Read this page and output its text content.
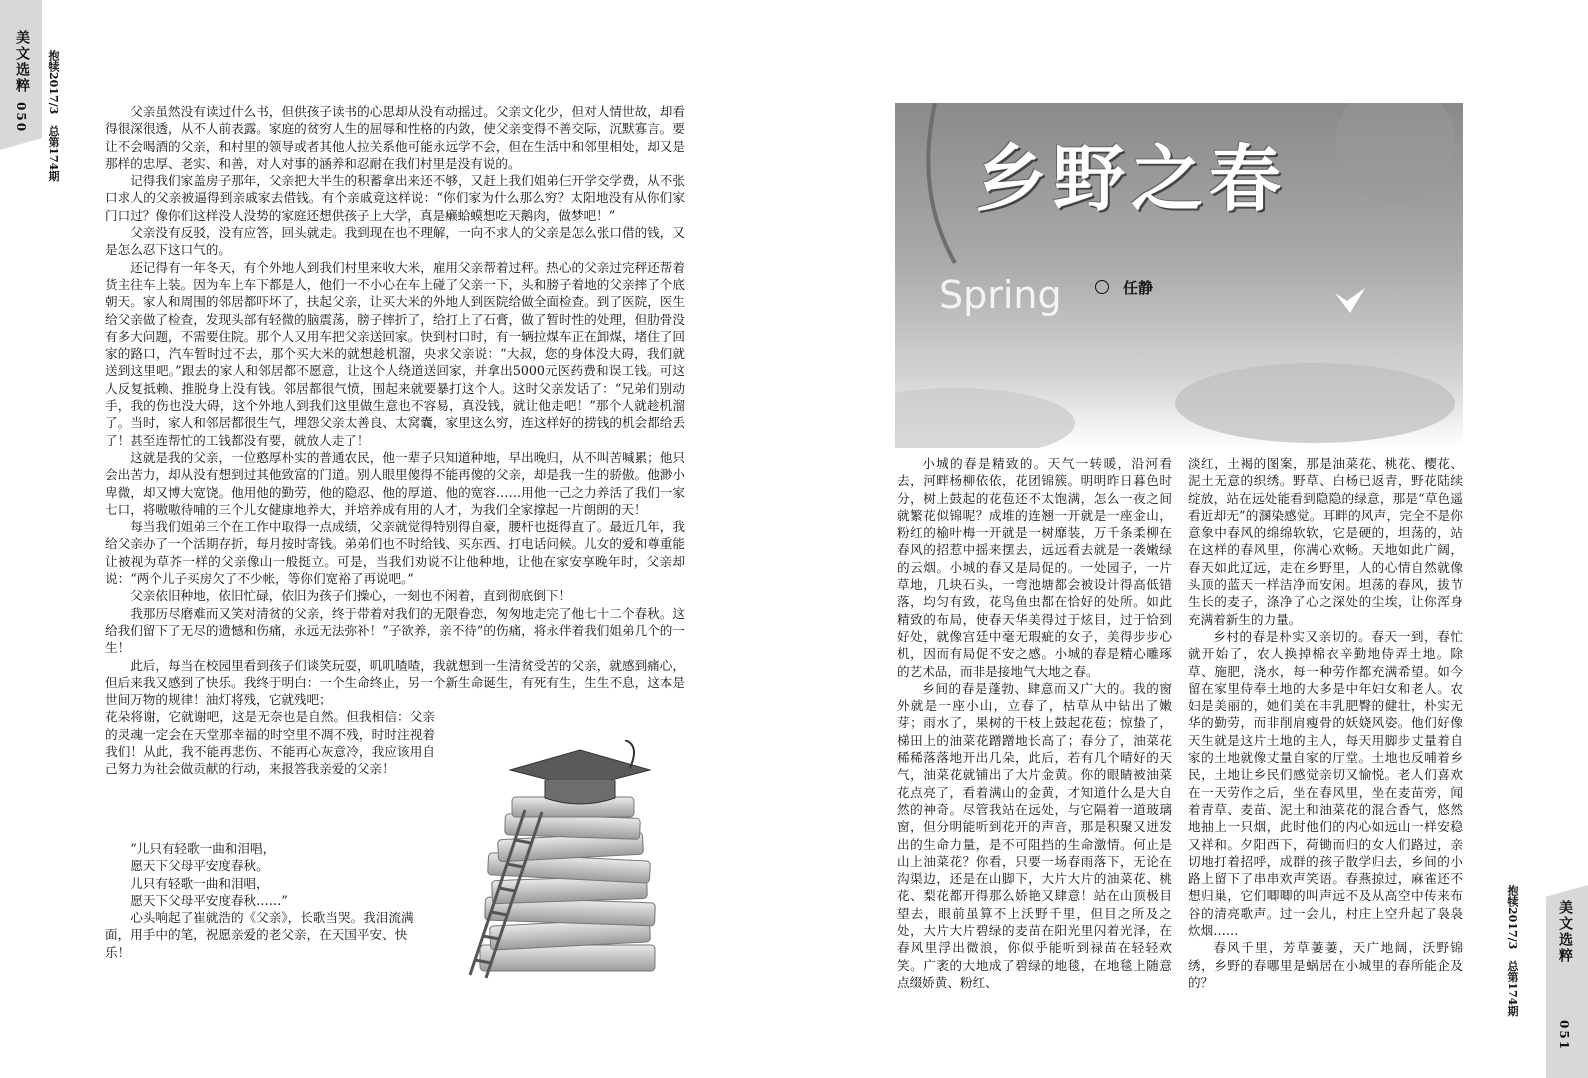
美文选粹
050 抱犊2017/3　总第174期	父亲虽然没有读过什么书，但供孩子读书的心思却从没有动摇过。父亲文化少，但对人情世故，却看得很深很透，从不人前表露。家庭的贫穷人生的屈辱和性格的内敛，使父亲变得不善交际，沉默寡言。要让不会喝酒的父亲，和村里的领导或者其他人拉关系他可能永远学不会，但在生活中和邻里相处，却又是那样的忠厚、老实、和善，对人对事的涵养和忍耐在我们村里是没有说的。

记得我们家盖房子那年，父亲把大半生的积蓄拿出来还不够，又赶上我们姐弟仨开学交学费，从不张口求人的父亲被逼得到亲戚家去借钱。有个亲戚竟这样说：“你们家为什么那么穷？太阳地没有从你们家门口过？像你们这样没人没势的家庭还想供孩子上大学，真是癞蛤蟆想吃天鹅肉，做梦吧！”

父亲没有反驳，没有应答，回头就走。我到现在也不理解，一向不求人的父亲是怎么张口借的钱，又是怎么忍下这口气的。

还记得有一年冬天，有个外地人到我们村里来收大米，雇用父亲帮着过秤。热心的父亲过完秤还帮着货主往车上装。因为车上车下都是人，他们一不小心在车上碰了父亲一下，头和膀子着地的父亲摔了个底朝天。家人和周围的邻居都吓坏了，扶起父亲，让买大米的外地人到医院给做全面检查。到了医院，医生给父亲做了检查，发现头部有轻微的脑震荡，膀子摔折了，给打上了石膏，做了暂时性的处理，但肋骨没有多大问题，不需要住院。那个人又用车把父亲送回家。快到村口时，有一辆拉煤车正在卸煤，堵住了回家的路口，汽车暂时过不去，那个买大米的就想趁机溜，央求父亲说：“大叔，您的身体没大碍，我们就送到这里吧。”跟去的家人和邻居都不愿意，让这个人绕道送回家，并拿出5000元医药费和误工钱。可这人反复抵赖、推脱身上没有钱。邻居都很气愤，围起来就要暴打这个人。这时父亲发话了：“兄弟们别动手，我的伤也没大碍，这个外地人到我们这里做生意也不容易，真没钱，就让他走吧！”那个人就趁机溜了。当时，家人和邻居都很生气，埋怨父亲太善良、太窝囊，家里这么穷，连这样好的捞钱的机会都给丢了！甚至连帮忙的工钱都没有要，就放人走了！

这就是我的父亲，一位憨厚朴实的普通农民，他一辈子只知道种地，早出晚归，从不叫苦喊累；他只会出苦力，却从没有想到过其他致富的门道。别人眼里傻得不能再傻的父亲，却是我一生的骄傲。他渺小卑微，却又博大宽饶。他用他的勤劳，他的隐忍、他的厚道、他的宽容……用他一己之力养活了我们一家七口，将嗷嗷待哺的三个儿女健康地养大，并培养成有用的人才，为我们全家撑起一片朗朗的天！

每当我们姐弟三个在工作中取得一点成绩，父亲就觉得特别得自豪，腰杆也挺得直了。最近几年，我给父亲办了一个活期存折，每月按时寄钱。弟弟们也不时给钱、买东西、打电话问候。儿女的爱和尊重能让被视为草芥一样的父亲像山一般挺立。可是，当我们劝说不让他种地，让他在家安享晚年时，父亲却说：“两个儿子买房欠了不少帐，等你们宽裕了再说吧。”

父亲依旧种地，依旧忙碌，依旧为孩子们操心，一刻也不闲着，直到彻底倒下！

我那历尽磨难而又笑对清贫的父亲，终于带着对我们的无限眷恋，匆匆地走完了他七十二个春秋。这给我们留下了无尽的遗憾和伤痛，永远无法弥补！“子欲养，亲不待”的伤痛，将永伴着我们姐弟几个的一生！

此后，每当在校园里看到孩子们谈笑玩耍，叽叽喳喳，我就想到一生清贫受苦的父亲，就感到痛心，但后来我又感到了快乐。我终于明白：一个生命终止，另一个新生命诞生，有死有生，生生不息，这本是世间万物的规律！油灯将残，它就残吧；

花朵将谢，它就谢吧，这是无奈也是自然。但我相信：父亲的灵魂一定会在天堂那幸福的时空里不凋不残，时时注视着我们！从此，我不能再悲伤、不能再心灰意冷，我应该用自己努力为社会做贡献的行动，来报答我亲爱的父亲！

“儿只有轻歌一曲和泪唱，
愿天下父母平安度春秋。
儿只有轻歌一曲和泪唱，
愿天下父母平安度春秋……”
心头响起了崔就浩的《父亲》，长歌当哭。我泪流满面，用手中的笔，祝愿亲爱的老父亲，在天国平安、快乐！
乡野之春
Spring	任静

小城的春是精致的。天气一转暖，沿河看去，河畔杨柳依依，花团锦簇。明明昨日暮色时分，树上鼓起的花苞还不太饱满，怎么一夜之间就繁花似锦呢？成堆的连翘一开就是一座金山，粉红的榆叶梅一开就是一树靡装，万千条柔柳在春风的招惹中摇来摆去，远远看去就是一袭嫩绿的云烟。小城的春又是局促的。一处园子，一片草地，几块石头，一弯池塘都会被设计得高低错落，均匀有致，花鸟鱼虫都在恰好的处所。如此精致的布局，使春天华美得过于炫目，过于恰到好处，就像宫廷中毫无瑕疵的女子，美得步步心机，因而有局促不安之感。小城的春是精心雕琢的艺术品，而非是接地气大地之春。

乡间的春是蓬勃、肆意而又广大的。我的窗外就是一座小山，立春了，枯草从中钻出了嫩芽；雨水了，果树的干枝上鼓起花苞；惊蛰了，梯田上的油菜花蹭蹭地长高了；春分了，油菜花稀稀落落地开出几朵，此后，若有几个晴好的天气，油菜花就铺出了大片金黄。你的眼睛被油菜花点亮了，看着满山的金黄，才知道什么是大自然的神奇。尽管我站在远处，与它隔着一道玻璃窗，但分明能听到花开的声音，那是积聚又迸发出的生命力量，是不可阻挡的生命激情。何止是山上油菜花？你看，只要一场春雨落下，无论在沟渠边，还是在山脚下，大片大片的油菜花、桃花、梨花都开得那么娇艳又肆意！站在山顶极目望去，眼前虽算不上沃野千里，但目之所及之处，大片大片碧绿的麦苗在阳光里闪着光泽，在春风里浮出微浪，你似乎能听到禄苗在轻轻欢笑。广袤的大地成了碧绿的地毯，在地毯上随意点缀娇黄、粉红、

淡红，土褐的图案，那是油菜花、桃花、樱花、泥土无意的织绣。野草、白杨已返青，野花陆续绽放，站在远处能看到隐隐的绿意，那是“草色遥看近却无”的溷染感觉。耳畔的风声，完全不是你意象中春风的绵绵软软，它是硬的，坦荡的，站在这样的春风里，你满心欢畅。天地如此广阔，春天如此辽远，走在乡野里，人的心情自然就像头顶的蓝天一样洁净而安闲。坦荡的春风，拔节生长的麦子，涤净了心之深处的尘埃，让你浑身充满着新生的力量。

乡村的春是朴实又亲切的。春天一到，春忙就开始了，农人换掉棉衣辛勤地侍弄土地。除草、施肥，浇水，每一种劳作都充满希望。如今留在家里侍奉土地的大多是中年妇女和老人。农妇是美丽的，她们美在丰乳肥臀的健壮，朴实无华的勤劳，而非削肩瘦骨的妖娆风姿。他们好像天生就是这片土地的主人，每天用脚步丈量着自家的土地就像丈量自家的厅堂。土地也反哺着乡民，土地让乡民们感觉亲切又愉悦。老人们喜欢在一天劳作之后，坐在春风里，坐在麦苗旁，闻着青草、麦苗、泥土和油菜花的混合香气，悠然地抽上一只烟，此时他们的内心如远山一样安稳又祥和。夕阳西下，荷锄而归的女人们路过，亲切地打着招呼，成群的孩子散学归去，乡间的小路上留下了串串欢声笑语。春燕掠过，麻雀还不想归巢，它们唧唧的叫声远不及从高空中传来布谷的清亮歌声。过一会儿，村庄上空升起了袅袅炊烟……

春风千里，芳草萋萋，天广地阔，沃野锦绣，乡野的春哪里是蜗居在小城里的春所能企及的？	抱犊2017/3　总第174期	美文选粹
051
